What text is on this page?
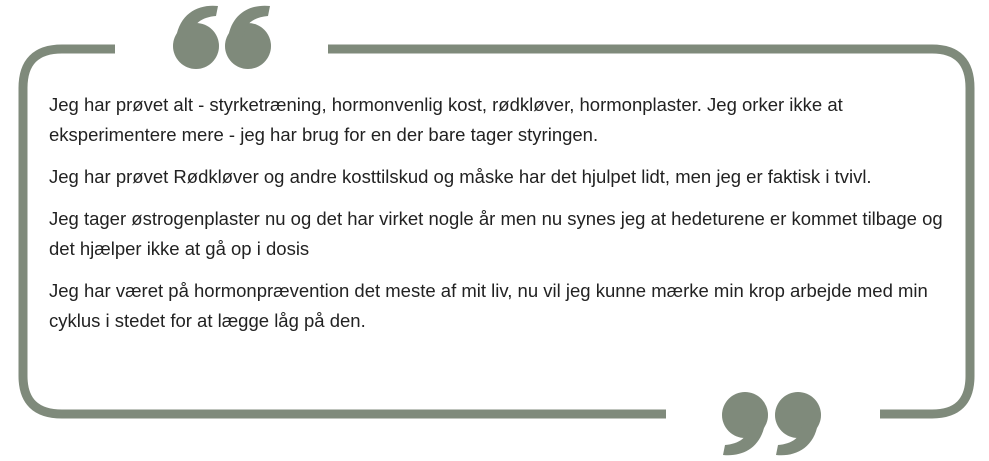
Jeg har prøvet alt - styrketræning, hormonvenlig kost, rødkløver, hormonplaster. Jeg orker ikke at eksperimentere mere - jeg har brug for en der bare tager styringen.

Jeg har prøvet Rødkløver og andre kosttilskud og måske har det hjulpet lidt, men jeg er faktisk i tvivl.

Jeg tager østrogenplaster nu og det har virket nogle år men nu synes jeg at hedeturene er kommet tilbage og det hjælper ikke at gå op i dosis

Jeg har været på hormonprævention det meste af mit liv, nu vil jeg kunne mærke min krop arbejde med min cyklus i stedet for at lægge låg på den.
